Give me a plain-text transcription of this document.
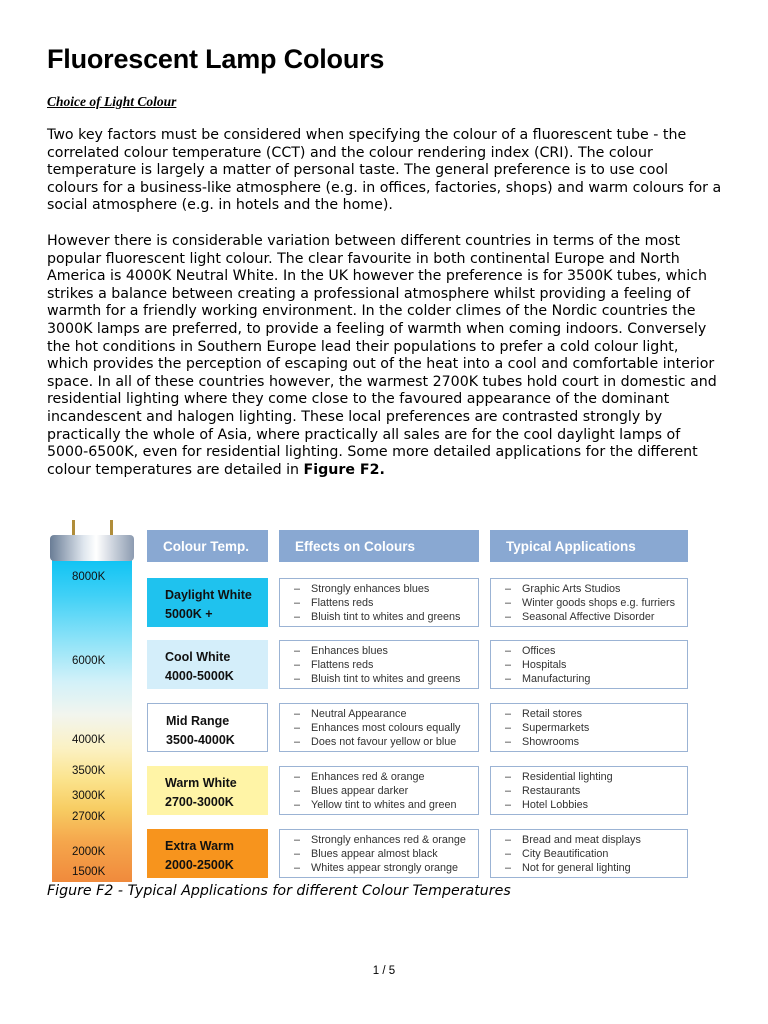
Fluorescent Lamp Colours
Choice of Light Colour

Two key factors must be considered when specifying the colour of a fluorescent tube - the correlated colour temperature (CCT) and the colour rendering index (CRI). The colour temperature is largely a matter of personal taste. The general preference is to use cool colours for a business-like atmosphere (e.g. in offices, factories, shops) and warm colours for a social atmosphere (e.g. in hotels and the home).

However there is considerable variation between different countries in terms of the most popular fluorescent light colour. The clear favourite in both continental Europe and North America is 4000K Neutral White. In the UK however the preference is for 3500K tubes, which strikes a balance between creating a professional atmosphere whilst providing a feeling of warmth for a friendly working environment. In the colder climes of the Nordic countries the 3000K lamps are preferred, to provide a feeling of warmth when coming indoors. Conversely the hot conditions in Southern Europe lead their populations to prefer a cold colour light, which provides the perception of escaping out of the heat into a cool and comfortable interior space. In all of these countries however, the warmest 2700K tubes hold court in domestic and residential lighting where they come close to the favoured appearance of the dominant incandescent and halogen lighting. These local preferences are contrasted strongly by practically the whole of Asia, where practically all sales are for the cool daylight lamps of 5000-6500K, even for residential lighting. Some more detailed applications for the different colour temperatures are detailed in Figure F2.

8000K
6000K
4000K
3500K
3000K
2700K
2000K
1500K
Colour Temp.	Effects on Colours	Typical Applications
Daylight White
5000K +
– Strongly enhances blues
– Flattens reds
– Bluish tint to whites and greens
– Graphic Arts Studios
– Winter goods shops e.g. furriers
– Seasonal Affective Disorder
Cool White
4000-5000K
– Enhances blues
– Flattens reds
– Bluish tint to whites and greens
– Offices
– Hospitals
– Manufacturing
Mid Range
3500-4000K
– Neutral Appearance
– Enhances most colours equally
– Does not favour yellow or blue
– Retail stores
– Supermarkets
– Showrooms
Warm White
2700-3000K
– Enhances red & orange
– Blues appear darker
– Yellow tint to whites and green
– Residential lighting
– Restaurants
– Hotel Lobbies
Extra Warm
2000-2500K
– Strongly enhances red & orange
– Blues appear almost black
– Whites appear strongly orange
– Bread and meat displays
– City Beautification
– Not for general lighting
Figure F2 - Typical Applications for different Colour Temperatures
1 / 5
